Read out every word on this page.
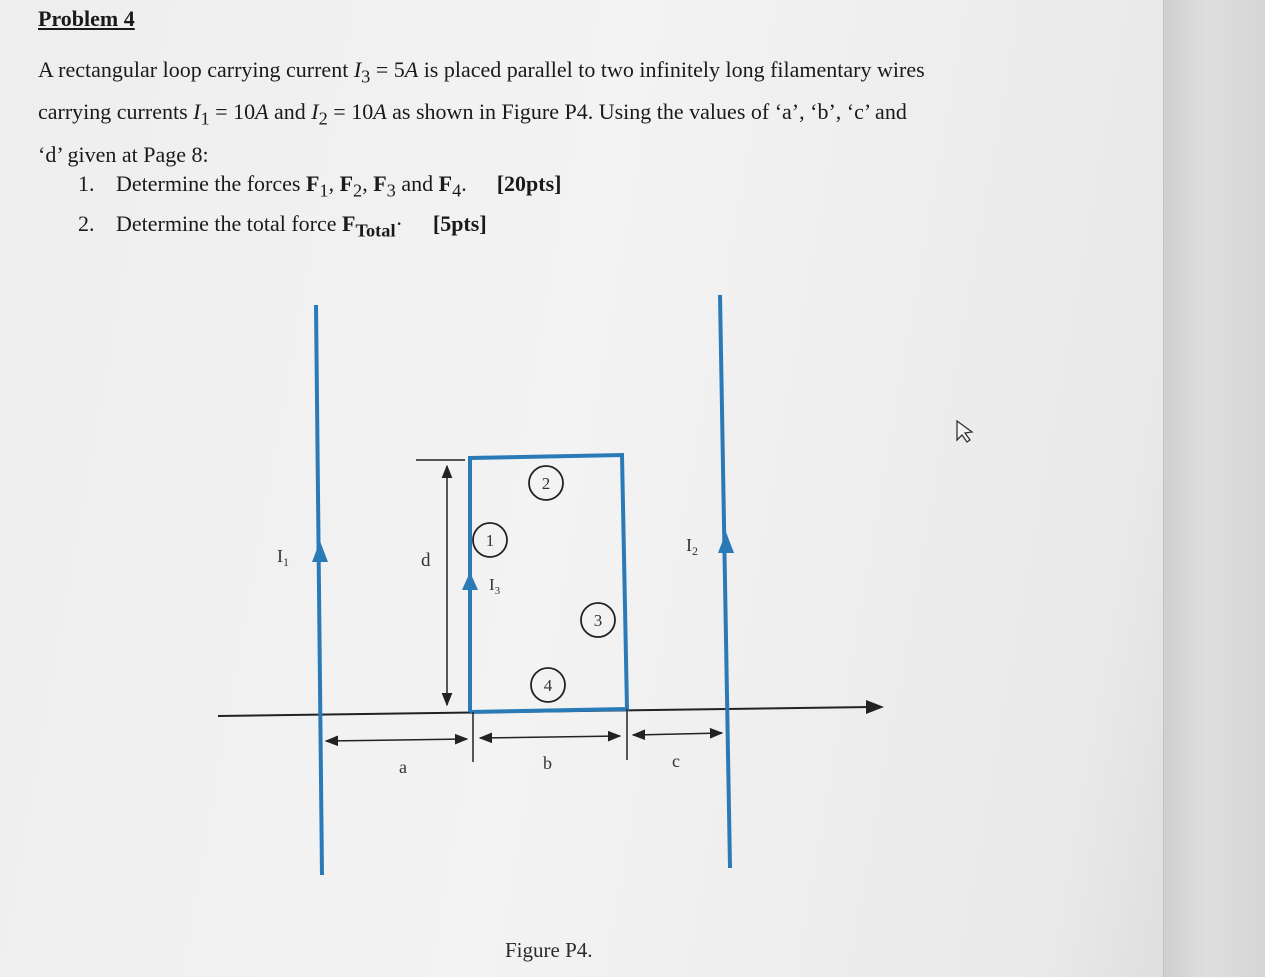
Problem 4
A rectangular loop carrying current $I_3 = 5A$ is placed parallel to two infinitely long filamentary wires
carrying currents $I_1 = 10A$ and $I_2 = 10A$ as shown in Figure P4. Using the values of ‘a’, ‘b’, ‘c’ and
‘d’ given at Page 8:
1. Determine the forces $F_1$, $F_2$, $F_3$ and $F_4$. [20pts]
2. Determine the total force $F_{Total}\cdot [5pts]$
$I_1$
$I_2$
$I_3$
d
a	b	c
1
2
3
4
Figure P4.
